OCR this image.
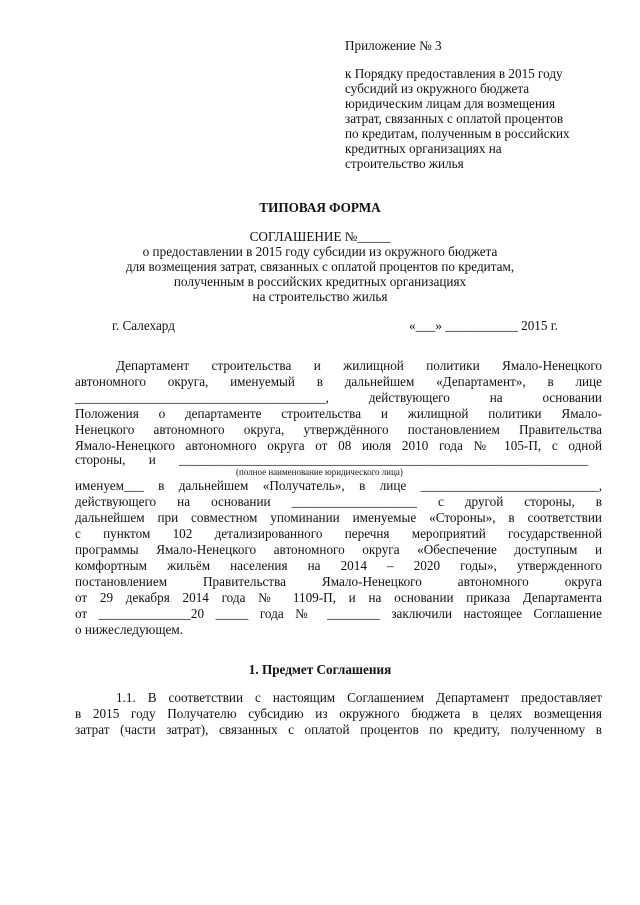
Приложение № 3
к Порядку предоставления в 2015 году
субсидий из окружного бюджета
юридическим лицам для возмещения
затрат, связанных с оплатой процентов
по кредитам, полученным в российских
кредитных организациях на
строительство жилья
ТИПОВАЯ ФОРМА
СОГЛАШЕНИЕ №_____
о предоставлении в 2015 году субсидии из окружного бюджета
для возмещения затрат, связанных с оплатой процентов по кредитам,
полученным в российских кредитных организациях
на строительство жилья
г. Салехард	«___» ___________ 2015 г.
Департамент строительства и жилищной политики Ямало-Ненецкого
автономного округа, именуемый в дальнейшем «Департамент», в лице
______________________________________, действующего на основании
Положения о департаменте строительства и жилищной политики Ямало-
Ненецкого автономного округа, утверждённого постановлением Правительства
Ямало-Ненецкого автономного округа от 08 июля 2010 года № 105-П, с одной
стороны, и ______________________________________________________________
(полное наименование юридического лица)
именуем___ в дальнейшем «Получатель», в лице ___________________________,
действующего на основании ___________________ с другой стороны, в
дальнейшем при совместном упоминании именуемые «Стороны», в соответствии
с пунктом 102 детализированного перечня мероприятий государственной
программы Ямало-Ненецкого автономного округа «Обеспечение доступным и
комфортным жильём населения на 2014 – 2020 годы», утвержденного
постановлением Правительства Ямало-Ненецкого автономного округа
от 29 декабря 2014 года № 1109-П, и на основании приказа Департамента
от ______________20 _____ года № ________ заключили настоящее Соглашение
о нижеследующем.
1. Предмет Соглашения
1.1. В соответствии с настоящим Соглашением Департамент предоставляет
в 2015 году Получателю субсидию из окружного бюджета в целях возмещения
затрат (части затрат), связанных с оплатой процентов по кредиту, полученному в
